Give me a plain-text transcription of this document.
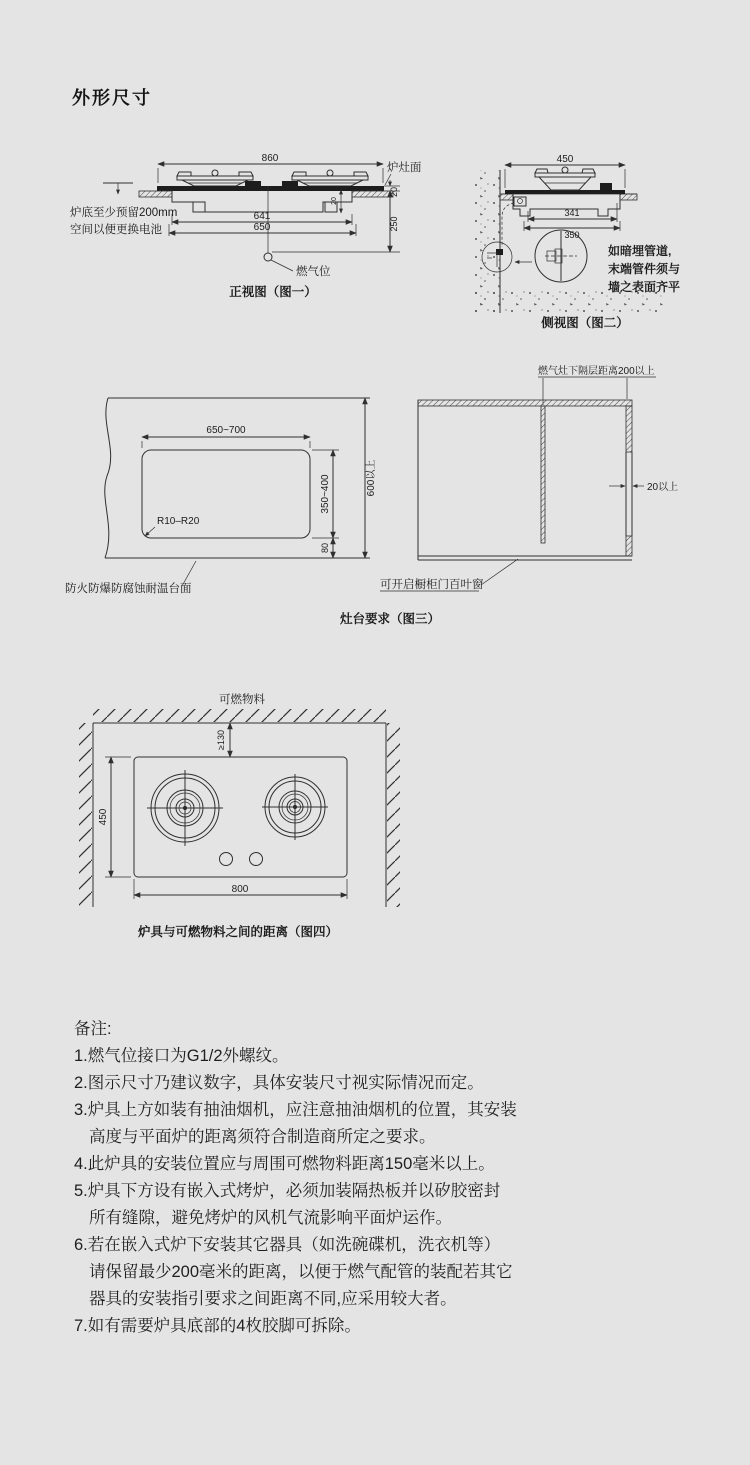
外形尺寸
860
20
641
650
20
250
燃气位
炉灶面
炉底至少预留200mm
空间以便更换电池
正视图（图一）
450
341
350
如暗埋管道,
末端管件须与
墙之表面齐平
侧视图（图二）
600以上
650~700
350~400
80
R10–R20
防火防爆防腐蚀耐温台面
燃气灶下隔层距离200以上
20以上
可开启橱柜门百叶窗
灶台要求（图三）
可燃物料
≥130
450
800
炉具与可燃物料之间的距离（图四）
备注:
1.燃气位接口为G1/2外螺纹。
2.图示尺寸乃建议数字，具体安装尺寸视实际情况而定。
3.炉具上方如装有抽油烟机，应注意抽油烟机的位置，其安装
高度与平面炉的距离须符合制造商所定之要求。
4.此炉具的安装位置应与周围可燃物料距离150毫米以上。
5.炉具下方设有嵌入式烤炉，必须加装隔热板并以矽胶密封
所有缝隙，避免烤炉的风机气流影响平面炉运作。
6.若在嵌入式炉下安装其它器具（如洗碗碟机，洗衣机等）
请保留最少200毫米的距离，以便于燃气配管的装配若其它
器具的安装指引要求之间距离不同,应采用较大者。
7.如有需要炉具底部的4枚胶脚可拆除。
